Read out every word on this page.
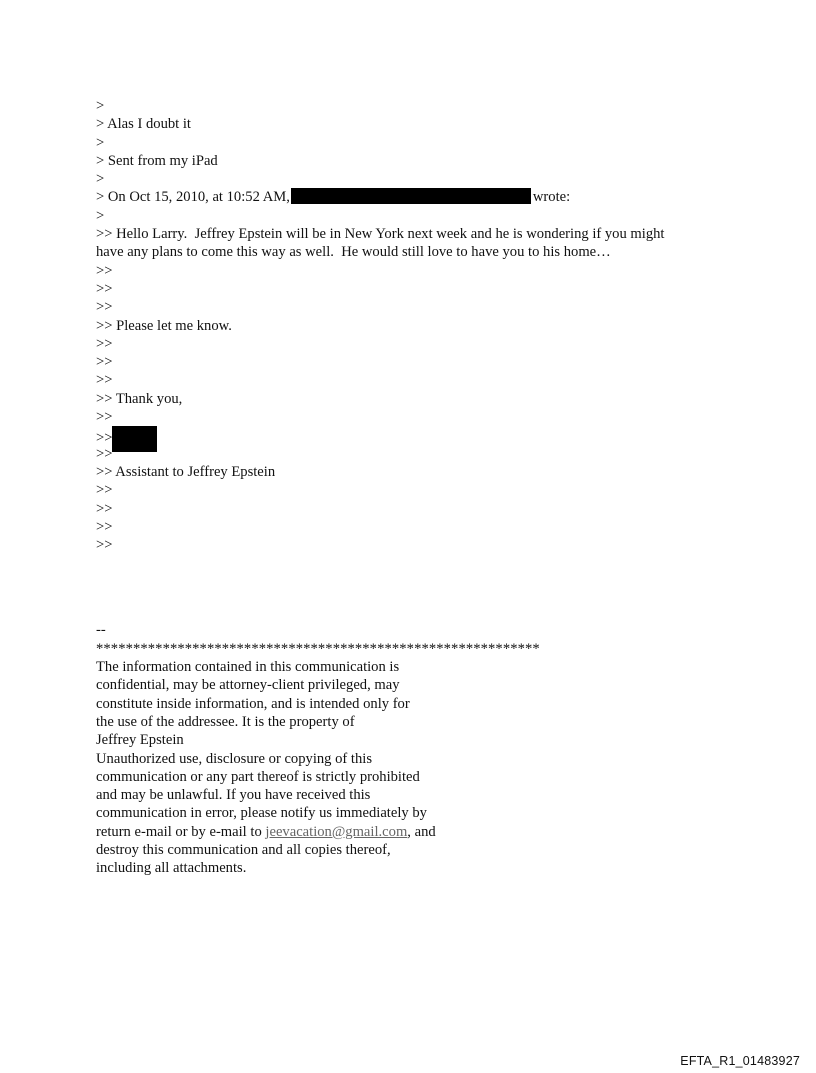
>
> Alas I doubt it
>
> Sent from my iPad
>
> On Oct 15, 2010, at 10:52 AM,	wrote:
>
>> Hello Larry.  Jeffrey Epstein will be in New York next week and he is wondering if you might
have any plans to come this way as well.  He would still love to have you to his home…
>>
>>
>>
>> Please let me know.
>>
>>
>>
>> Thank you,
>>
>>
>>
>> Assistant to Jeffrey Epstein
>>
>>
>>
>>
--
************************************************************
The information contained in this communication is
confidential, may be attorney-client privileged, may
constitute inside information, and is intended only for
the use of the addressee. It is the property of
Jeffrey Epstein
Unauthorized use, disclosure or copying of this
communication or any part thereof is strictly prohibited
and may be unlawful. If you have received this
communication in error, please notify us immediately by
return e-mail or by e-mail to jeevacation@gmail.com, and
destroy this communication and all copies thereof,
including all attachments.
EFTA_R1_01483927
